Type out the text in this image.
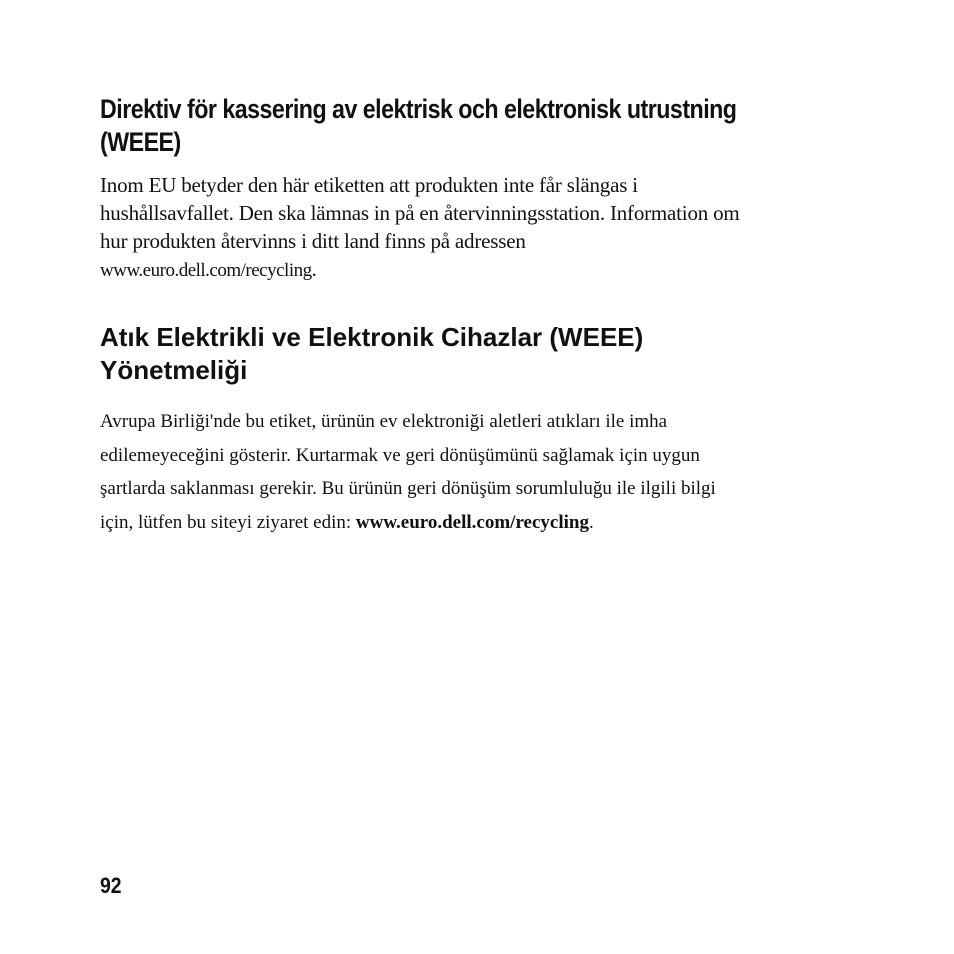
Direktiv för kassering av elektrisk och elektronisk utrustning
(WEEE)

Inom EU betyder den här etiketten att produkten inte får slängas i
hushållsavfallet. Den ska lämnas in på en återvinningsstation. Information om
hur produkten återvinns i ditt land finns på adressen
www.euro.dell.com/recycling.

Atık Elektrikli ve Elektronik Cihazlar (WEEE)
Yönetmeliği

Avrupa Birliği'nde bu etiket, ürünün ev elektroniği aletleri atıkları ile imha
edilemeyeceğini gösterir. Kurtarmak ve geri dönüşümünü sağlamak için uygun
şartlarda saklanması gerekir. Bu ürünün geri dönüşüm sorumluluğu ile ilgili bilgi
için, lütfen bu siteyi ziyaret edin: www.euro.dell.com/recycling.

92
